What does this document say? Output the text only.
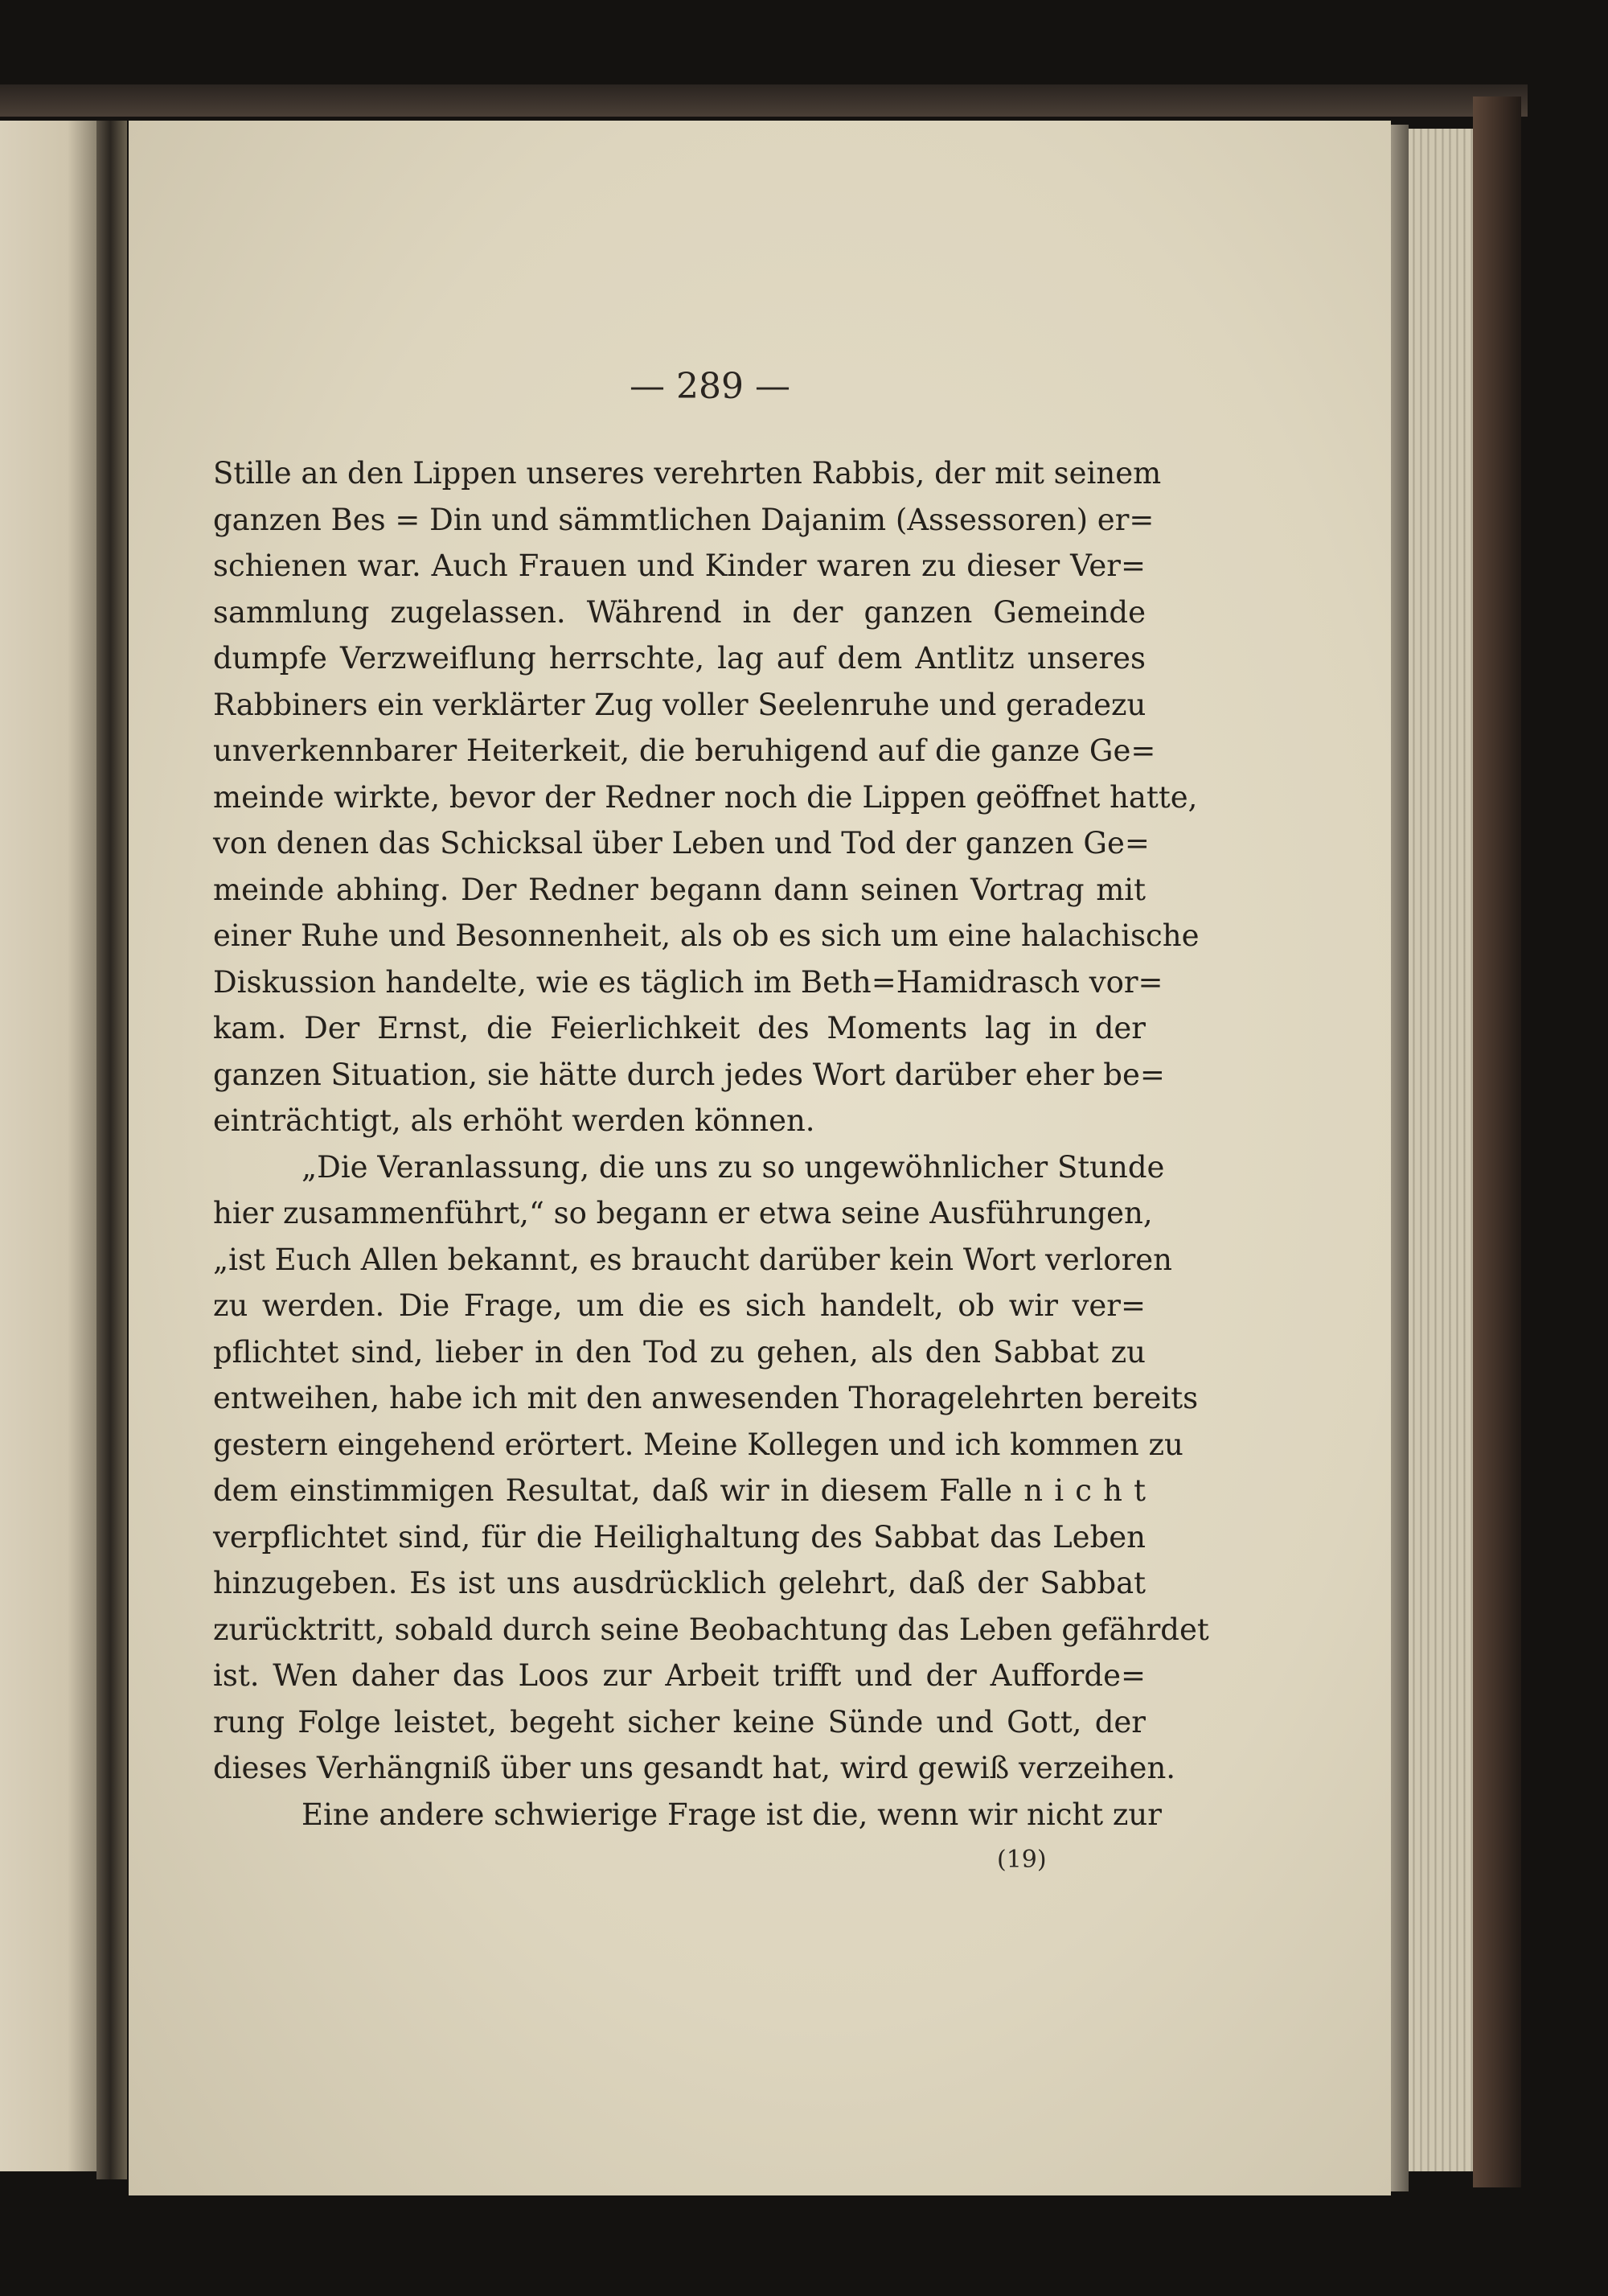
— 289 —
Stille an den Lippen unseres verehrten Rabbis, der mit seinem
ganzen Bes = Din und sämmtlichen Dajanim (Assessoren) er=
schienen war. Auch Frauen und Kinder waren zu dieser Ver=
sammlung zugelassen. Während in der ganzen Gemeinde
dumpfe Verzweiflung herrschte, lag auf dem Antlitz unseres
Rabbiners ein verklärter Zug voller Seelenruhe und geradezu
unverkennbarer Heiterkeit, die beruhigend auf die ganze Ge=
meinde wirkte, bevor der Redner noch die Lippen geöffnet hatte,
von denen das Schicksal über Leben und Tod der ganzen Ge=
meinde abhing. Der Redner begann dann seinen Vortrag mit
einer Ruhe und Besonnenheit, als ob es sich um eine halachische
Diskussion handelte, wie es täglich im Beth=Hamidrasch vor=
kam. Der Ernst, die Feierlichkeit des Moments lag in der
ganzen Situation, sie hätte durch jedes Wort darüber eher be=
einträchtigt, als erhöht werden können.
„Die Veranlassung, die uns zu so ungewöhnlicher Stunde
hier zusammenführt,“ so begann er etwa seine Ausführungen,
„ist Euch Allen bekannt, es braucht darüber kein Wort verloren
zu werden. Die Frage, um die es sich handelt, ob wir ver=
pflichtet sind, lieber in den Tod zu gehen, als den Sabbat zu
entweihen, habe ich mit den anwesenden Thoragelehrten bereits
gestern eingehend erörtert. Meine Kollegen und ich kommen zu
dem einstimmigen Resultat, daß wir in diesem Falle n i c h t
verpflichtet sind, für die Heilighaltung des Sabbat das Leben
hinzugeben. Es ist uns ausdrücklich gelehrt, daß der Sabbat
zurücktritt, sobald durch seine Beobachtung das Leben gefährdet
ist. Wen daher das Loos zur Arbeit trifft und der Aufforde=
rung Folge leistet, begeht sicher keine Sünde und Gott, der
dieses Verhängniß über uns gesandt hat, wird gewiß verzeihen.
Eine andere schwierige Frage ist die, wenn wir nicht zur
(19)
